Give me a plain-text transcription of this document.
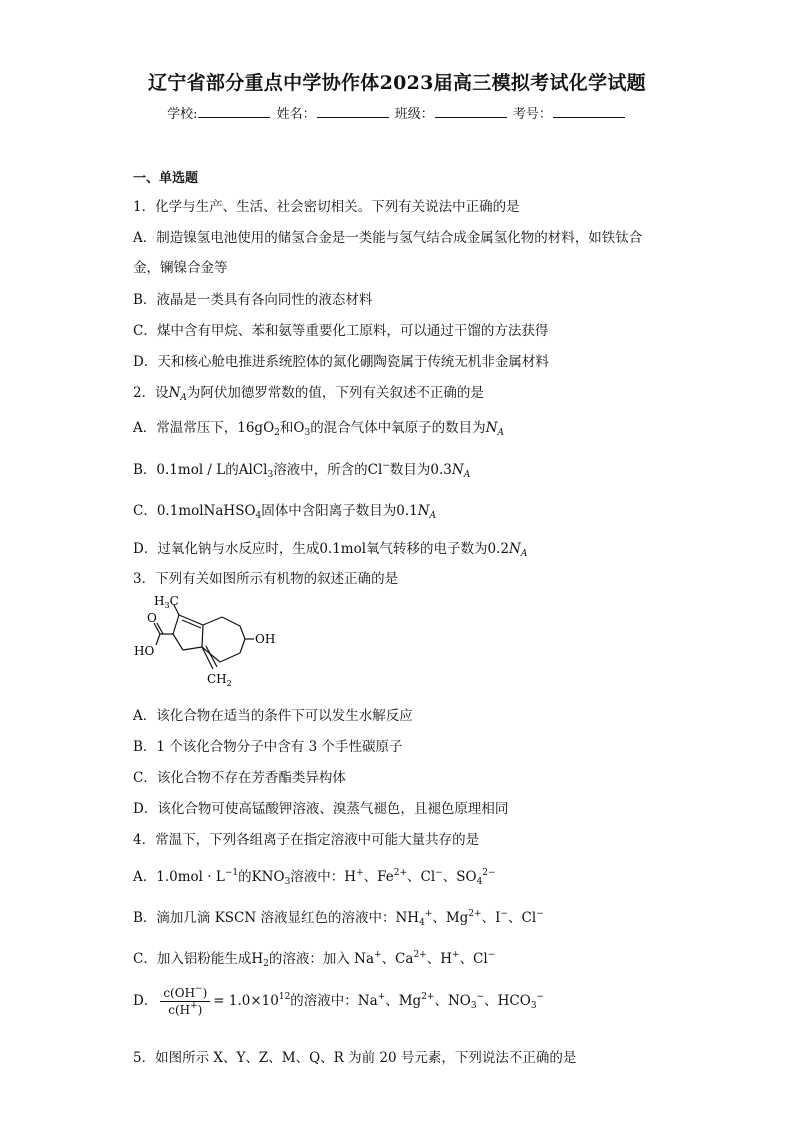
辽宁省部分重点中学协作体2023届高三模拟考试化学试题
学校:	姓名：	班级：	考号：
一、单选题
1．化学与生产、生活、社会密切相关。下列有关说法中正确的是
A．制造镍氢电池使用的储氢合金是一类能与氢气结合成金属氢化物的材料，如铁钛合
金，镧镍合金等
B．液晶是一类具有各向同性的液态材料
C．煤中含有甲烷、苯和氨等重要化工原料，可以通过干馏的方法获得
D．天和核心舱电推进系统腔体的氮化硼陶瓷属于传统无机非金属材料
2．设$N_A$为阿伏加德罗常数的值，下列有关叙述不正确的是
A．常温常压下，$16gO_2$和$O_3$的混合气体中氧原子的数目为$N_A$
B．0.1mol / L的AlCl$_3$溶液中，所含的Cl−数目为$0.3N_A$
C．0.1molNaHSO$_4$固体中含阳离子数目为$0.1N_A$
D．过氧化钠与水反应时，生成0.1mol氧气转移的电子数为$0.2N_A$
3．下列有关如图所示有机物的叙述正确的是
$H_3C$
O
HO
OH
$CH_2$
A．该化合物在适当的条件下可以发生水解反应
B．1 个该化合物分子中含有 3 个手性碳原子
C．该化合物不存在芳香酯类异构体
D．该化合物可使高锰酸钾溶液、溴蒸气褪色，且褪色原理相同
4．常温下，下列各组离子在指定溶液中可能大量共存的是
A．$1.0mol \cdot L^{-1}$的$KNO_3$溶液中：H+、$Fe^{2+}$、Cl−、$SO_4^{2-}$
B．滴加几滴 KSCN 溶液显红色的溶液中：$NH_4^+$、$Mg^{2+}$、I−、Cl−
C．加入铝粉能生成$H_2$的溶液：加入 Na+、$Ca^{2+}$、H+、Cl−
D． $\frac{c(OH^-)}{c(H^+)} = 1.0\times 10^{12}$的溶液中：Na+、$Mg^{2+}$、$NO_3^-$、$HCO_3^-$
5．如图所示 X、Y、Z、M、Q、R 为前 20 号元素，下列说法不正确的是
